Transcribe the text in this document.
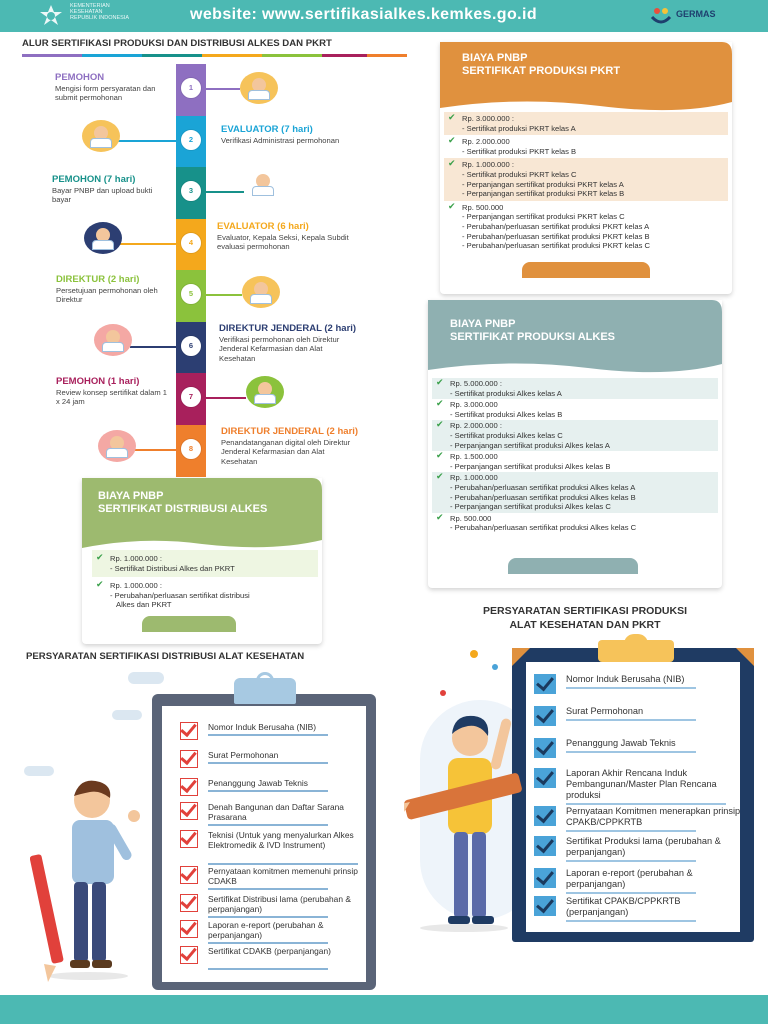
KEMENTERIAN KESEHATAN REPUBLIK INDONESIA	website: www.sertifikasialkes.kemkes.go.id	GERMAS
ALUR SERTIFIKASI PRODUKSI DAN DISTRIBUSI ALKES DAN PKRT
1
2
3
4
5
6
7
8
PEMOHON
Mengisi form persyaratan dan submit permohonan
EVALUATOR (7 hari)
Verifikasi Administrasi permohonan
PEMOHON (7 hari)
Bayar PNBP dan upload bukti bayar
EVALUATOR (6 hari)
Evaluator, Kepala Seksi, Kepala Subdit evaluasi permohonan
DIREKTUR (2 hari)
Persetujuan permohonan oleh Direktur
DIREKTUR JENDERAL (2 hari)
Verifikasi permohonan oleh Direktur Jenderal Kefarmasian dan Alat Kesehatan
PEMOHON (1 hari)
Review konsep sertifikat dalam 1 x 24 jam
DIREKTUR JENDERAL (2 hari)
Penandatanganan digital oleh Direktur Jenderal Kefarmasian dan Alat Kesehatan
BIAYA PNBP
SERTIFIKAT PRODUKSI PKRT
✔ Rp. 3.000.000 :
- Sertifikat produksi PKRT kelas A
✔ Rp. 2.000.000
- Sertifikat produksi PKRT kelas B
✔ Rp. 1.000.000 :
- Sertifikat produksi PKRT kelas C
- Perpanjangan sertifikat produksi PKRT kelas A
- Perpanjangan sertifikat produksi PKRT kelas B
✔ Rp. 500.000
- Perpanjangan sertifikat produksi PKRT kelas C
- Perubahan/perluasan sertifikat produksi PKRT kelas A
- Perubahan/perluasan sertifikat produksi PKRT kelas B
- Perubahan/perluasan sertifikat produksi PKRT kelas C
BIAYA PNBP
SERTIFIKAT PRODUKSI ALKES
✔ Rp. 5.000.000 :
- Sertifikat produksi Alkes kelas A
✔ Rp. 3.000.000
- Sertifikat produksi Alkes kelas B
✔ Rp. 2.000.000 :
- Sertifikat produksi Alkes kelas C
- Perpanjangan sertifikat produksi Alkes kelas A
✔ Rp. 1.500.000
- Perpanjangan sertifikat produksi Alkes kelas B
✔ Rp. 1.000.000
- Perubahan/perluasan sertifikat produksi Alkes kelas A
- Perubahan/perluasan sertifikat produksi Alkes kelas B
- Perpanjangan sertifikat produksi Alkes kelas C
✔ Rp. 500.000
- Perubahan/perluasan sertifikat produksi Alkes kelas C
BIAYA PNBP
SERTIFIKAT DISTRIBUSI ALKES
✔ Rp. 1.000.000 :
- Sertifikat Distribusi Alkes dan PKRT
✔ Rp. 1.000.000 :
- Perubahan/perluasan sertifikat distribusi
Alkes dan PKRT
PERSYARATAN SERTIFIKASI DISTRIBUSI ALAT KESEHATAN
Nomor Induk Berusaha (NIB)
Surat Permohonan
Penanggung Jawab Teknis
Denah Bangunan dan Daftar Sarana Prasarana
Teknisi (Untuk yang menyalurkan Alkes Elektromedik & IVD Instrument)
Pernyataan komitmen memenuhi prinsip CDAKB
Sertifikat Distribusi lama (perubahan & perpanjangan)
Laporan e-report (perubahan & perpanjangan)
Sertifikat CDAKB (perpanjangan)
PERSYARATAN SERTIFIKASI PRODUKSI
ALAT KESEHATAN DAN PKRT
Nomor Induk Berusaha (NIB)
Surat Permohonan
Penanggung Jawab Teknis
Laporan Akhir Rencana Induk Pembangunan/Master Plan Rencana produksi
Pernyataan Komitmen menerapkan prinsip CPAKB/CPPKRTB
Sertifikat Produksi lama (perubahan & perpanjangan)
Laporan e-report (perubahan & perpanjangan)
Sertifikat CPAKB/CPPKRTB (perpanjangan)
